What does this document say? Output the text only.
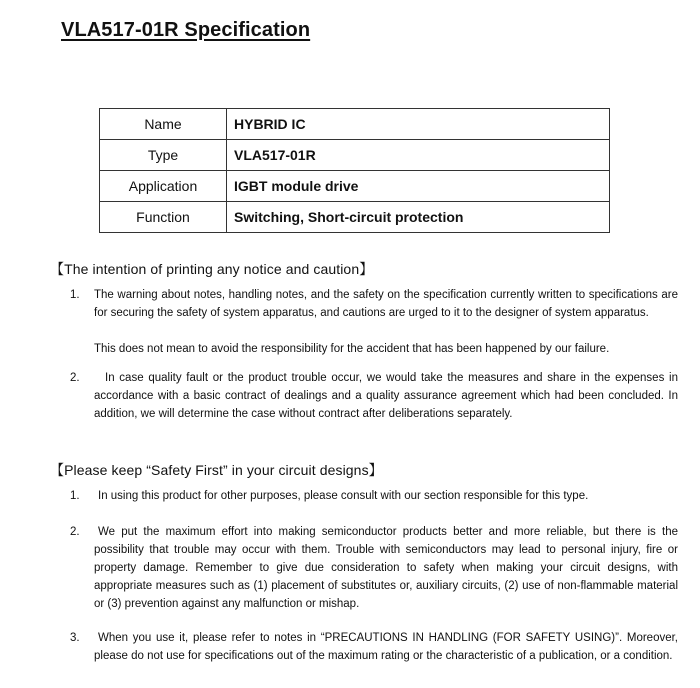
VLA517-01R Specification
Name	HYBRID IC
Type	VLA517-01R
Application	IGBT module drive
Function	Switching, Short-circuit protection
【The intention of printing any notice and caution】
1. The warning about notes, handling notes, and the safety on the specification currently written to specifications are for securing the safety of system apparatus, and cautions are urged to it to the designer of system apparatus.
This does not mean to avoid the responsibility for the accident that has been happened by our failure.
2.	In case quality fault or the product trouble occur, we would take the measures and share in the expenses in accordance with a basic contract of dealings and a quality assurance agreement which had been concluded. In addition, we will determine the case without contract after deliberations separately.
【Please keep “Safety First” in your circuit designs】
1.	In using this product for other purposes, please consult with our section responsible for this type.
2.	We put the maximum effort into making semiconductor products better and more reliable, but there is the possibility that trouble may occur with them. Trouble with semiconductors may lead to personal injury, fire or property damage. Remember to give due consideration to safety when making your circuit designs, with appropriate measures such as (1) placement of substitutes or, auxiliary circuits, (2) use of non-flammable material or (3) prevention against any malfunction or mishap.
3.	When you use it, please refer to notes in “PRECAUTIONS IN HANDLING (FOR SAFETY USING)”. Moreover, please do not use for specifications out of the maximum rating or the characteristic of a publication, or a condition.
